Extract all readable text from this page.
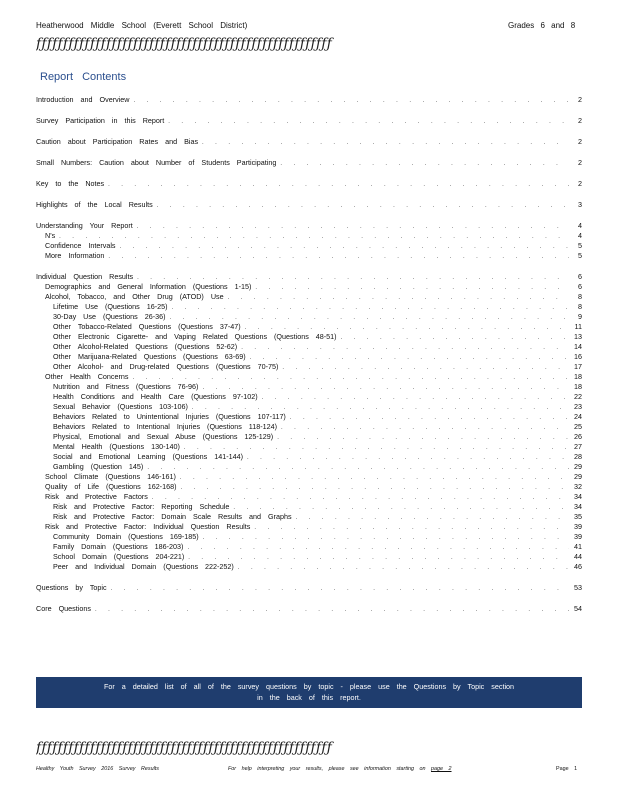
Heatherwood Middle School (Everett School District)	Grades 6 and 8
ƒƒƒƒƒƒƒƒƒƒƒƒƒƒƒƒƒƒƒƒƒƒƒƒƒƒƒƒƒƒƒƒƒƒƒƒƒƒƒƒƒƒƒƒƒƒƒƒƒƒƒƒƒƒƒ
Report Contents
Introduction and Overview . . .	2
Survey Participation in this Report . . .	2
Caution about Participation Rates and Bias . . .	2
Small Numbers: Caution about Number of Students Participating . . .	2
Key to the Notes . . .	2
Highlights of the Local Results . . .	3
Understanding Your Report . . .	4
N's . . .	4
Confidence Intervals . . .	5
More Information . . .	5
Individual Question Results . . .	6
Demographics and General Information (Questions 1-15) . . .	6
Alcohol, Tobacco, and Other Drug (ATOD) Use . . .	8
Lifetime Use (Questions 16-25) . . .	8
30-Day Use (Questions 26-36) . . .	9
Other Tobacco-Related Questions (Questions 37-47) . . .	11
Other Electronic Cigarette- and Vaping Related Questions (Questions 48-51) . . .	13
Other Alcohol-Related Questions (Questions 52-62) . . .	14
Other Marijuana-Related Questions (Questions 63-69) . . .	16
Other Alcohol- and Drug-related Questions (Questions 70-75) . . .	17
Other Health Concerns . . .	18
Nutrition and Fitness (Questions 76-96) . . .	18
Health Conditions and Health Care (Questions 97-102) . . .	22
Sexual Behavior (Questions 103-106) . . .	23
Behaviors Related to Unintentional Injuries (Questions 107-117) . . .	24
Behaviors Related to Intentional Injuries (Questions 118-124) . . .	25
Physical, Emotional and Sexual Abuse (Questions 125-129) . . .	26
Mental Health (Questions 130-140) . . .	27
Social and Emotional Learning (Questions 141-144) . . .	28
Gambling (Question 145) . . .	29
School Climate (Questions 146-161) . . .	29
Quality of Life (Questions 162-168) . . .	32
Risk and Protective Factors . . .	34
Risk and Protective Factor: Reporting Schedule . . .	34
Risk and Protective Factor: Domain Scale Results and Graphs . . .	35
Risk and Protective Factor: Individual Question Results . . .	39
Community Domain (Questions 169-185) . . .	39
Family Domain (Questions 186-203) . . .	41
School Domain (Questions 204-221) . . .	44
Peer and Individual Domain (Questions 222-252) . . .	46
Questions by Topic . . .	53
Core Questions . . .	54
For a detailed list of all of the survey questions by topic - please use the Questions by Topic section
in the back of this report.
ƒƒƒƒƒƒƒƒƒƒƒƒƒƒƒƒƒƒƒƒƒƒƒƒƒƒƒƒƒƒƒƒƒƒƒƒƒƒƒƒƒƒƒƒƒƒƒƒƒƒƒƒƒƒƒ
Healthy Youth Survey 2016 Survey Results	For help interpreting your results, please see information starting on page 2	Page 1
